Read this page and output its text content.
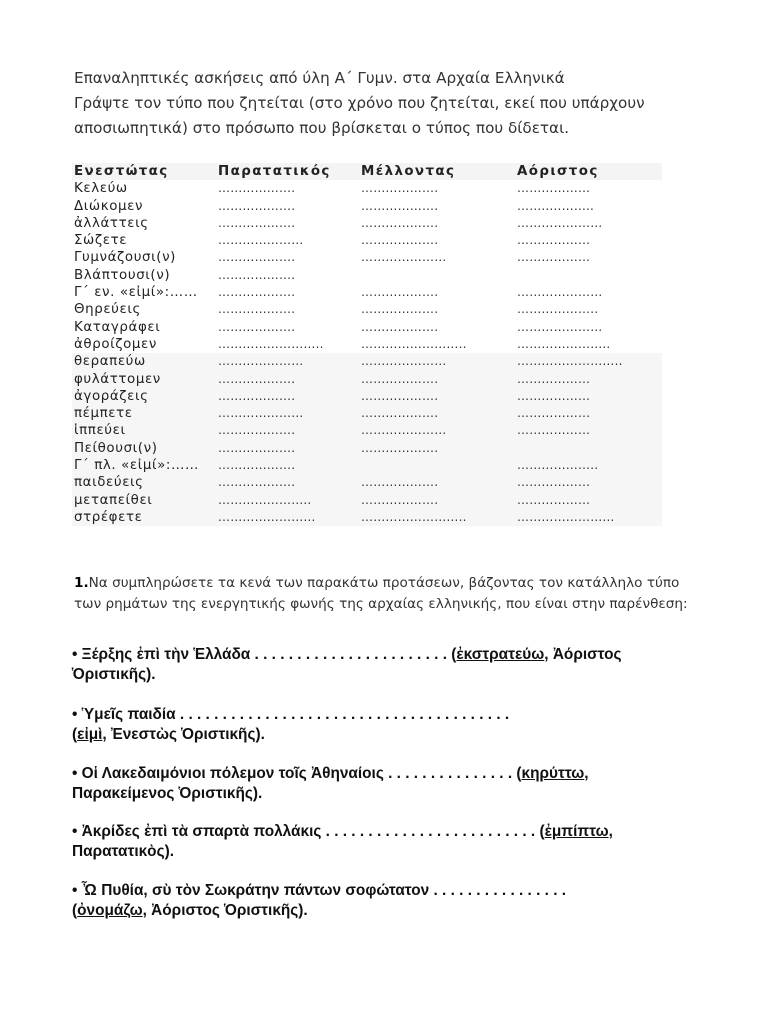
Επαναληπτικές ασκήσεις από ύλη Α΄ Γυμν. στα Αρχαία Ελληνικά
Γράψτε τον τύπο που ζητείται (στο χρόνο που ζητείται, εκεί που υπάρχουν
αποσιωπητικά) στο πρόσωπο που βρίσκεται ο τύπος που δίδεται.
Ενεστώτας	Παρατατικός	Μέλλοντας	Αόριστος
Κελεύω	……………….	……………….	………………
Διώκομεν	……………….	……………….	……..………..
ἀλλάττεις	……………….	……………….	…………………
Σώζετε	…………………	……………….	………………
Γυμνάζουσι(ν)	……………….	…………………	………………
Βλάπτουσι(ν)	……………….		
Γ΄ εν. «εἰμί»:……	……………….	……………….	…………………
Θηρεύεις	……………….	……………….	………………..
Καταγράφει	……………….	……………….	…………………
ἀθροίζομεν	……………………..	……………………..	…………………..
θεραπεύω	…………………	…………………	……………………..
φυλάττομεν	……………….	……………….	………………
ἀγοράζεις	……………….	……………….	………………
πέμπετε	…………………	……………….	………………
ἱππεύει	……………….	…………………	………………
Πείθουσι(ν)	……………….	……………….	
Γ΄ πλ. «εἰμί»:……	……………….		………………..
παιδεύεις	……………….	……………….	………………
μεταπείθει	…………………..	……………….	………………
στρέφετε	……………………	……………………..	……………………
1.Να συμπληρώσετε τα κενά των παρακάτω προτάσεων, βάζοντας τον κατάλληλο τύπο
των ρημάτων της ενεργητικής φωνής της αρχαίας ελληνικής, που είναι στην παρένθεση:
• Ξέρξης ἐπὶ τὴν Ἑλλάδα . . . . . . . . . . . . . . . . . . . . . . . (ἐκστρατεύω, Ἀόριστος
Ὁριστικῆς).
• Ὑμεῖς παιδία . . . . . . . . . . . . . . . . . . . . . . . . . . . . . . . . . . . . . . .
(εἰμὶ, Ἐνεστὼς Ὁριστικῆς).
• Οἱ Λακεδαιμόνιοι πόλεμον τοῖς Ἀθηναίοις . . . . . . . . . . . . . . . (κηρύττω,
Παρακείμενος Ὁριστικῆς).
• Ἀκρίδες ἐπὶ τὰ σπαρτὰ πολλάκις . . . . . . . . . . . . . . . . . . . . . . . . . (ἐμπίπτω,
Παρατατικὸς).
• Ὦ Πυθία, σὺ τὸν Σωκράτην πάντων σοφώτατον . . . . . . . . . . . . . . . .
(ὀνομάζω, Ἀόριστος Ὁριστικῆς).
